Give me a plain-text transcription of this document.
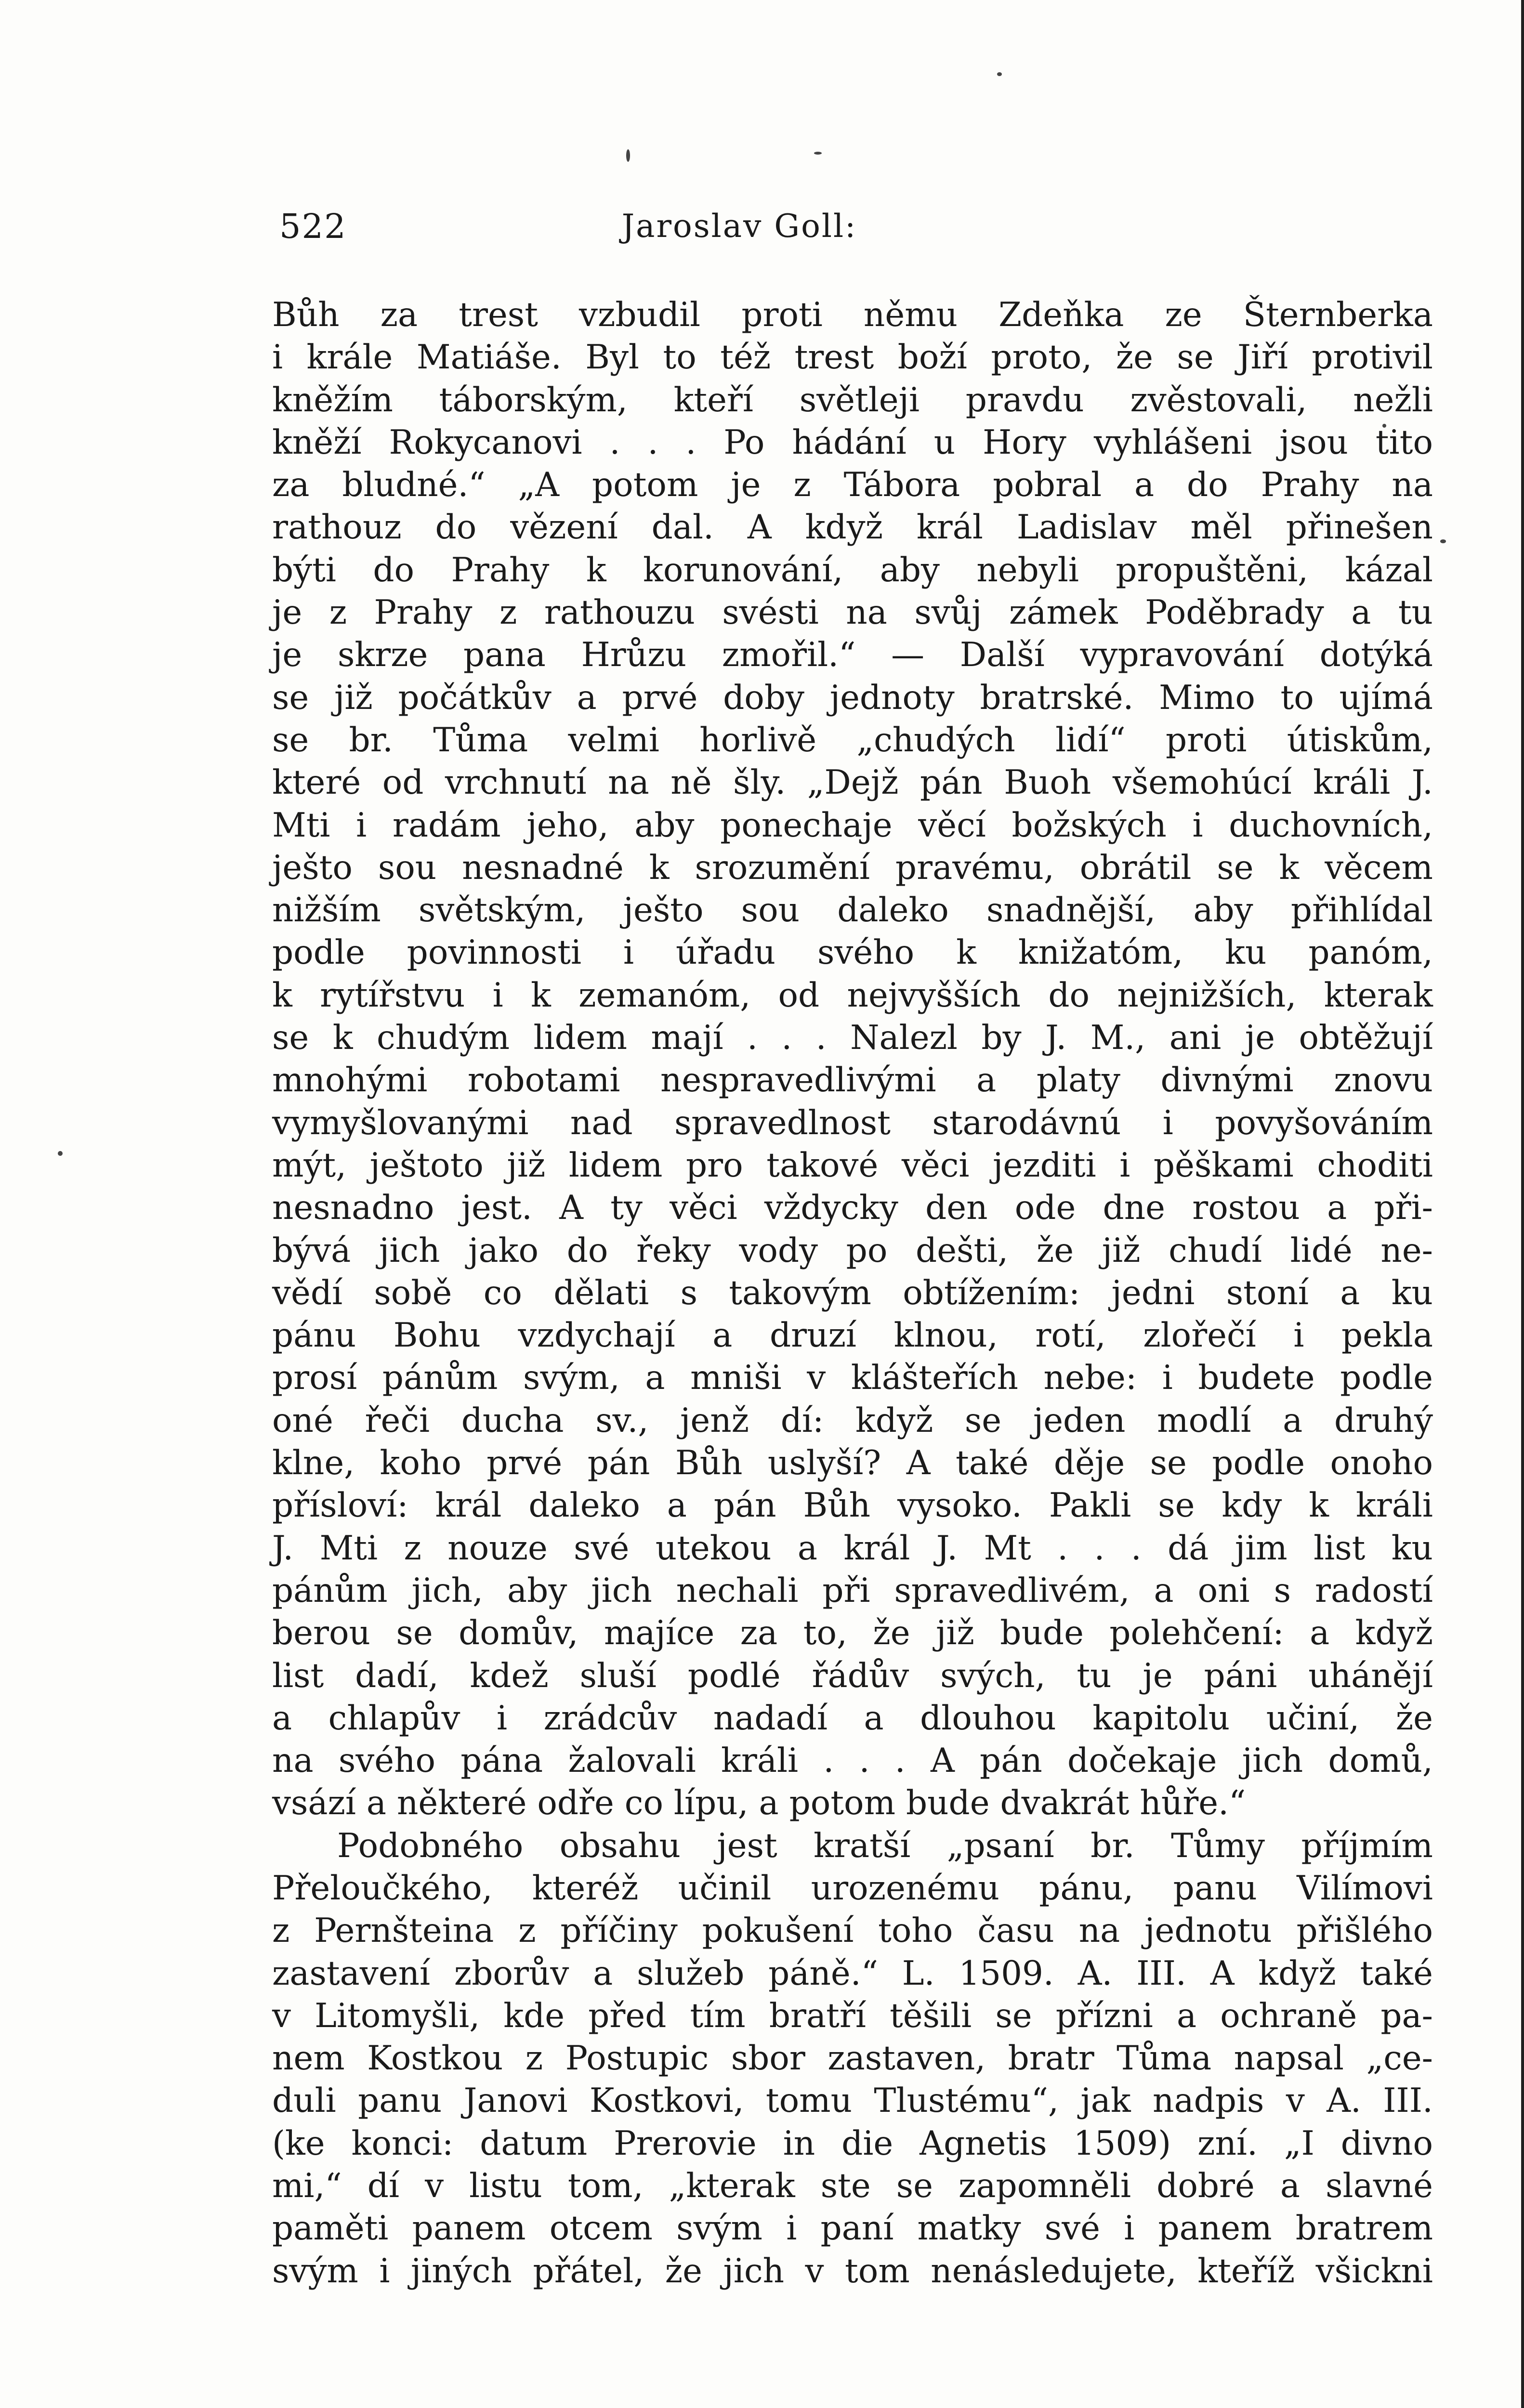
522	Jaroslav Goll:
Bůh za trest vzbudil proti němu Zdeňka ze Šternberka
i krále Matiáše. Byl to též trest boží proto, že se Jiří protivil
kněžím táborským, kteří světleji pravdu zvěstovali, nežli
kněží Rokycanovi . . . Po hádání u Hory vyhlášeni jsou tito
za bludné.“ „A potom je z Tábora pobral a do Prahy na
rathouz do vězení dal. A když král Ladislav měl přinešen
býti do Prahy k korunování, aby nebyli propuštěni, kázal
je z Prahy z rathouzu svésti na svůj zámek Poděbrady a tu
je skrze pana Hrůzu zmořil.“ — Další vypravování dotýká
se již počátkův a prvé doby jednoty bratrské. Mimo to ujímá
se br. Tůma velmi horlivě „chudých lidí“ proti útiskům,
které od vrchnutí na ně šly. „Dejž pán Buoh všemohúcí králi J.
Mti i radám jeho, aby ponechaje věcí božských i duchovních,
ješto sou nesnadné k srozumění pravému, obrátil se k věcem
nižším světským, ješto sou daleko snadnější, aby přihlídal
podle povinnosti i úřadu svého k knižatóm, ku panóm,
k rytířstvu i k zemanóm, od nejvyšších do nejnižších, kterak
se k chudým lidem mají . . . Nalezl by J. M., ani je obtěžují
mnohými robotami nespravedlivými a platy divnými znovu
vymyšlovanými nad spravedlnost starodávnú i povyšováním
mýt, ještoto již lidem pro takové věci jezditi i pěškami choditi
nesnadno jest. A ty věci vždycky den ode dne rostou a při-
bývá jich jako do řeky vody po dešti, že již chudí lidé ne-
vědí sobě co dělati s takovým obtížením: jedni stoní a ku
pánu Bohu vzdychají a druzí klnou, rotí, zlořečí i pekla
prosí pánům svým, a mniši v klášteřích nebe: i budete podle
oné řeči ducha sv., jenž dí: když se jeden modlí a druhý
klne, koho prvé pán Bůh uslyší? A také děje se podle onoho
přísloví: král daleko a pán Bůh vysoko. Pakli se kdy k králi
J. Mti z nouze své utekou a král J. Mt . . . dá jim list ku
pánům jich, aby jich nechali při spravedlivém, a oni s radostí
berou se domův, majíce za to, že již bude polehčení: a když
list dadí, kdež sluší podlé řádův svých, tu je páni uhánějí
a chlapův i zrádcův nadadí a dlouhou kapitolu učiní, že
na svého pána žalovali králi . . . A pán dočekaje jich domů,
vsází a některé odře co lípu, a potom bude dvakrát hůře.“
Podobného obsahu jest kratší „psaní br. Tůmy příjmím
Přeloučkého, kteréž učinil urozenému pánu, panu Vilímovi
z Pernšteina z příčiny pokušení toho času na jednotu přišlého
zastavení zborův a služeb páně.“ L. 1509. A. III. A když také
v Litomyšli, kde před tím bratří těšili se přízni a ochraně pa-
nem Kostkou z Postupic sbor zastaven, bratr Tůma napsal „ce-
duli panu Janovi Kostkovi, tomu Tlustému“, jak nadpis v A. III.
(ke konci: datum Prerovie in die Agnetis 1509) zní. „I divno
mi,“ dí v listu tom, „kterak ste se zapomněli dobré a slavné
paměti panem otcem svým i paní matky své i panem bratrem
svým i jiných přátel, že jich v tom nenásledujete, kteříž všickni
